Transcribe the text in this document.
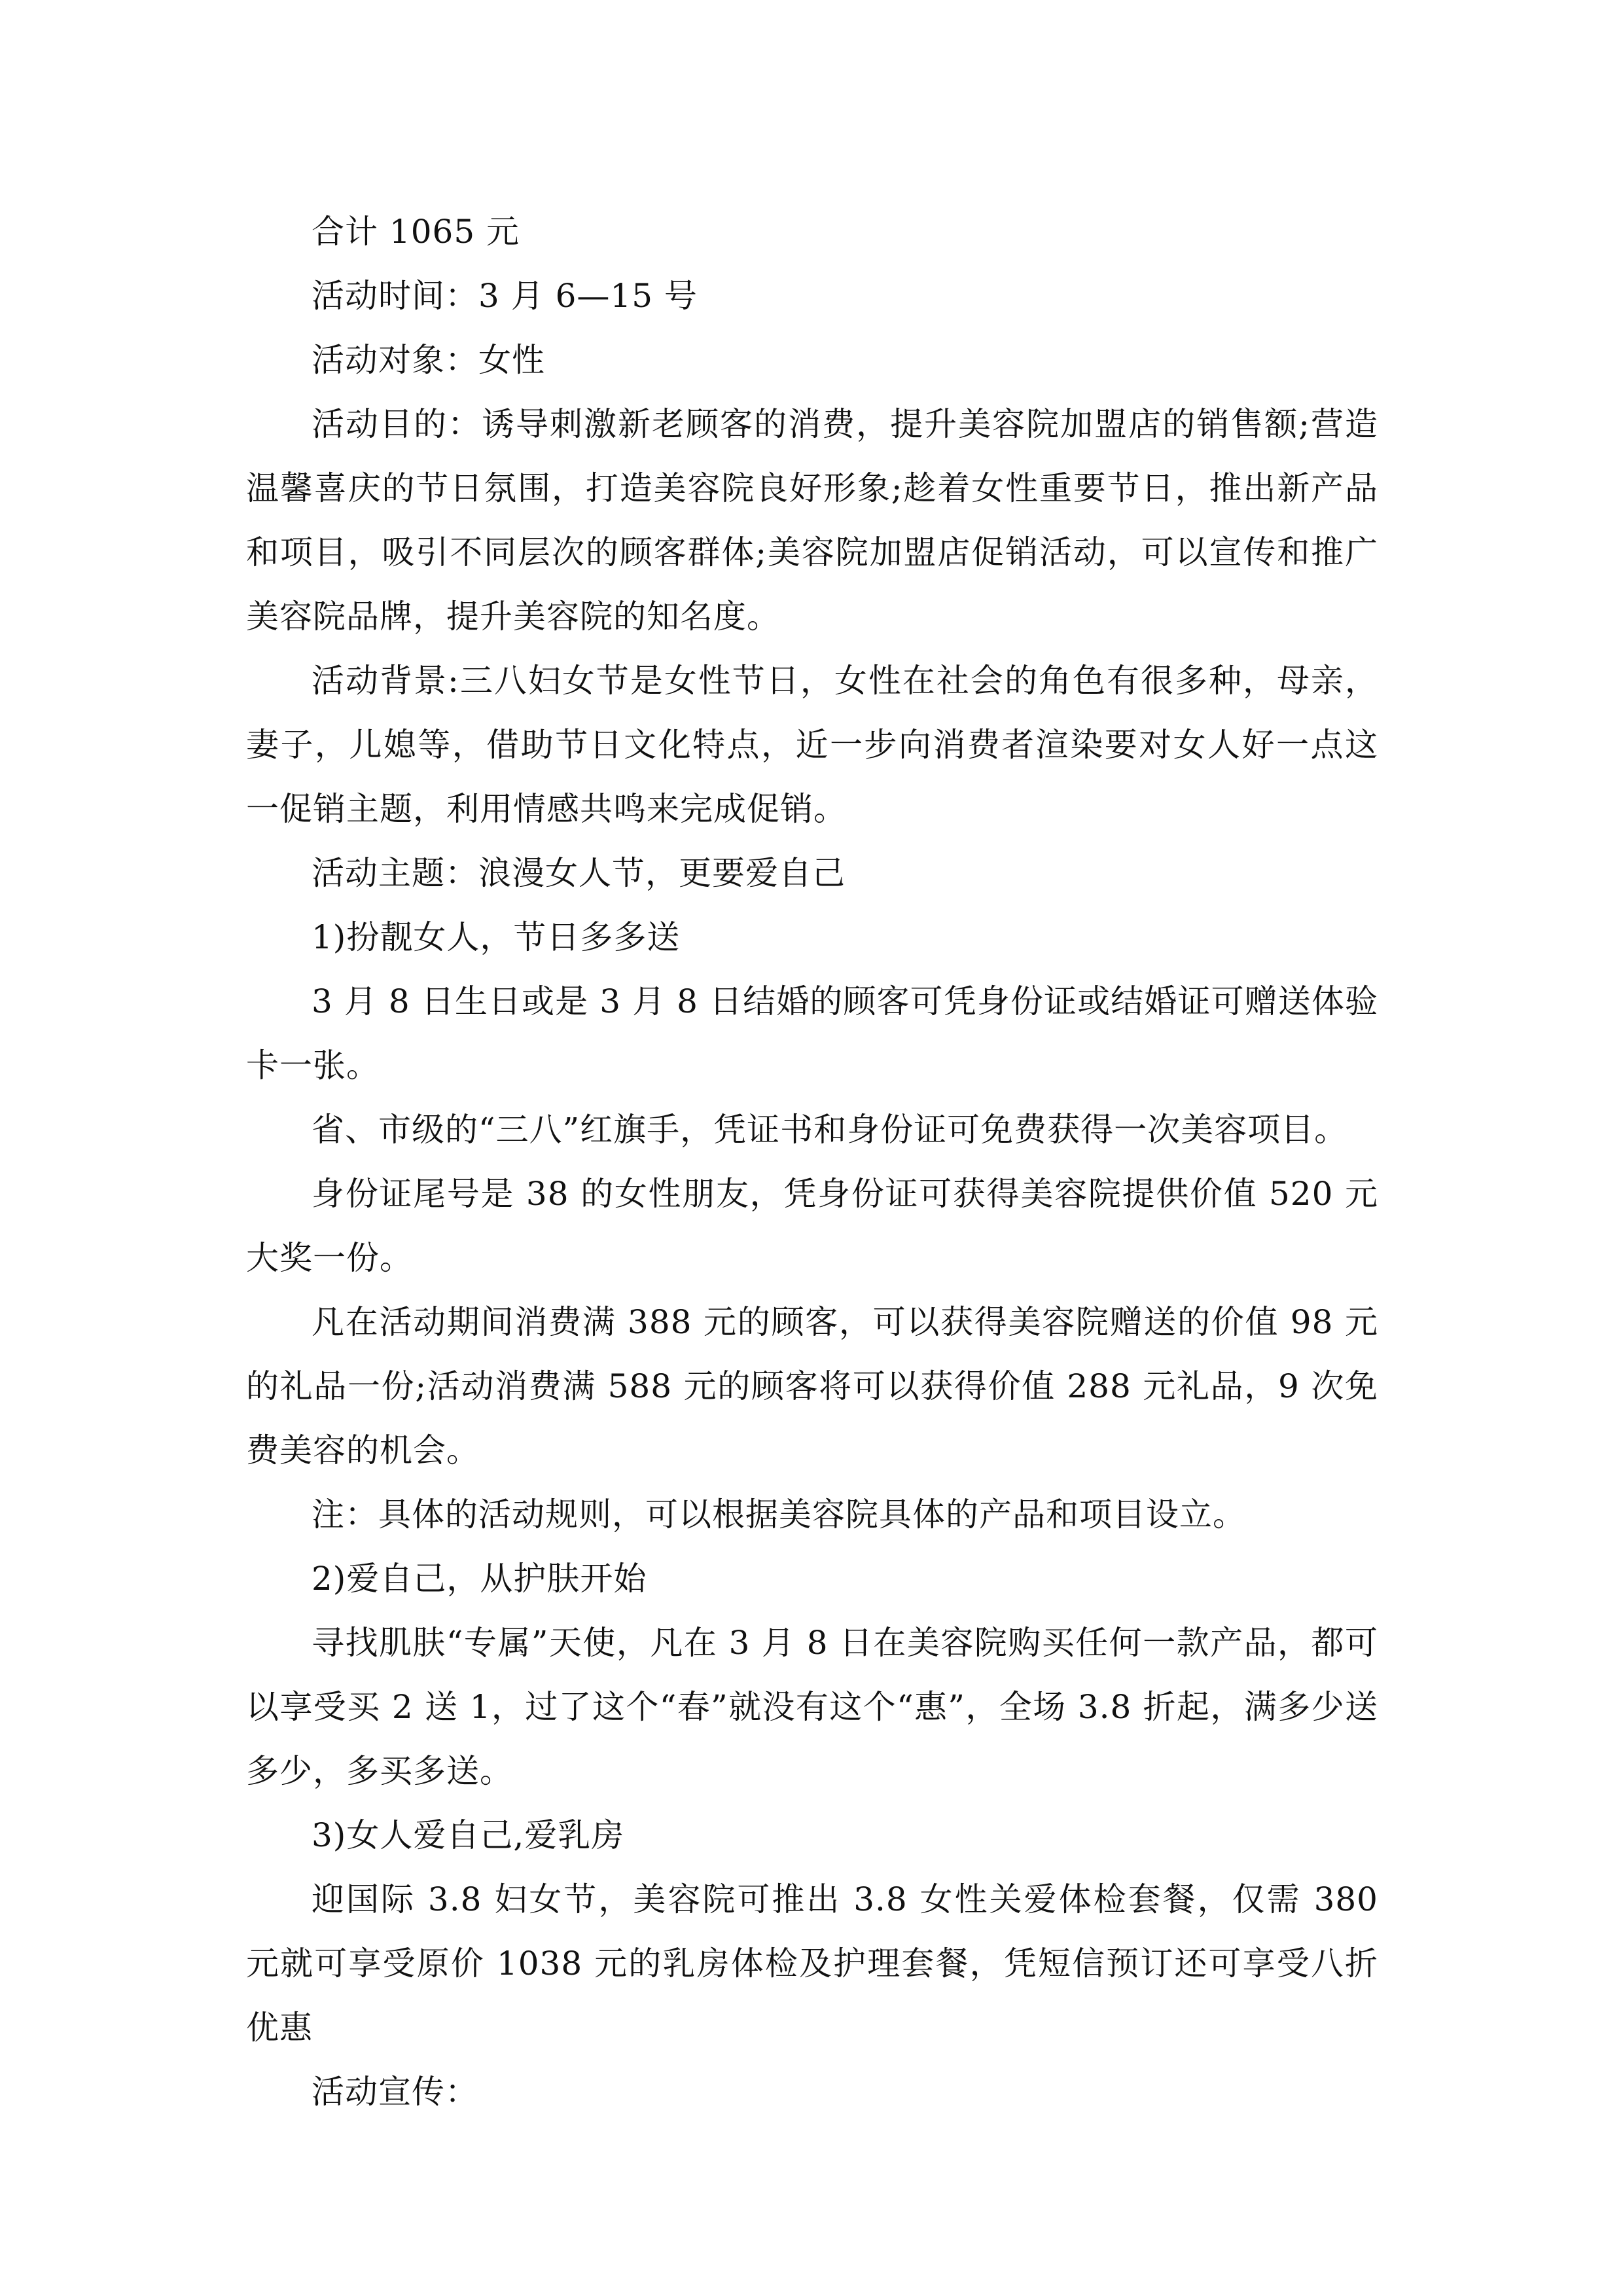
合计 1065 元

活动时间：3 月 6—15 号

活动对象：女性

活动目的：诱导刺激新老顾客的消费，提升美容院加盟店的销售额;营造温馨喜庆的节日氛围，打造美容院良好形象;趁着女性重要节日，推出新产品和项目，吸引不同层次的顾客群体;美容院加盟店促销活动，可以宣传和推广美容院品牌，提升美容院的知名度。

活动背景:三八妇女节是女性节日，女性在社会的角色有很多种，母亲，妻子，儿媳等，借助节日文化特点，近一步向消费者渲染要对女人好一点这一促销主题，利用情感共鸣来完成促销。

活动主题：浪漫女人节，更要爱自己

1)扮靓女人，节日多多送

3 月 8 日生日或是 3 月 8 日结婚的顾客可凭身份证或结婚证可赠送体验卡一张。

省、市级的“三八”红旗手，凭证书和身份证可免费获得一次美容项目。

身份证尾号是 38 的女性朋友，凭身份证可获得美容院提供价值 520 元大奖一份。

凡在活动期间消费满 388 元的顾客，可以获得美容院赠送的价值 98 元的礼品一份;活动消费满 588 元的顾客将可以获得价值 288 元礼品，9 次免费美容的机会。

注：具体的活动规则，可以根据美容院具体的产品和项目设立。

2)爱自己，从护肤开始

寻找肌肤“专属”天使，凡在 3 月 8 日在美容院购买任何一款产品，都可以享受买 2 送 1，过了这个“春”就没有这个“惠”，全场 3.8 折起，满多少送多少，多买多送。

3)女人爱自己,爱乳房

迎国际 3.8 妇女节，美容院可推出 3.8 女性关爱体检套餐，仅需 380 元就可享受原价 1038 元的乳房体检及护理套餐，凭短信预订还可享受八折优惠

活动宣传：
